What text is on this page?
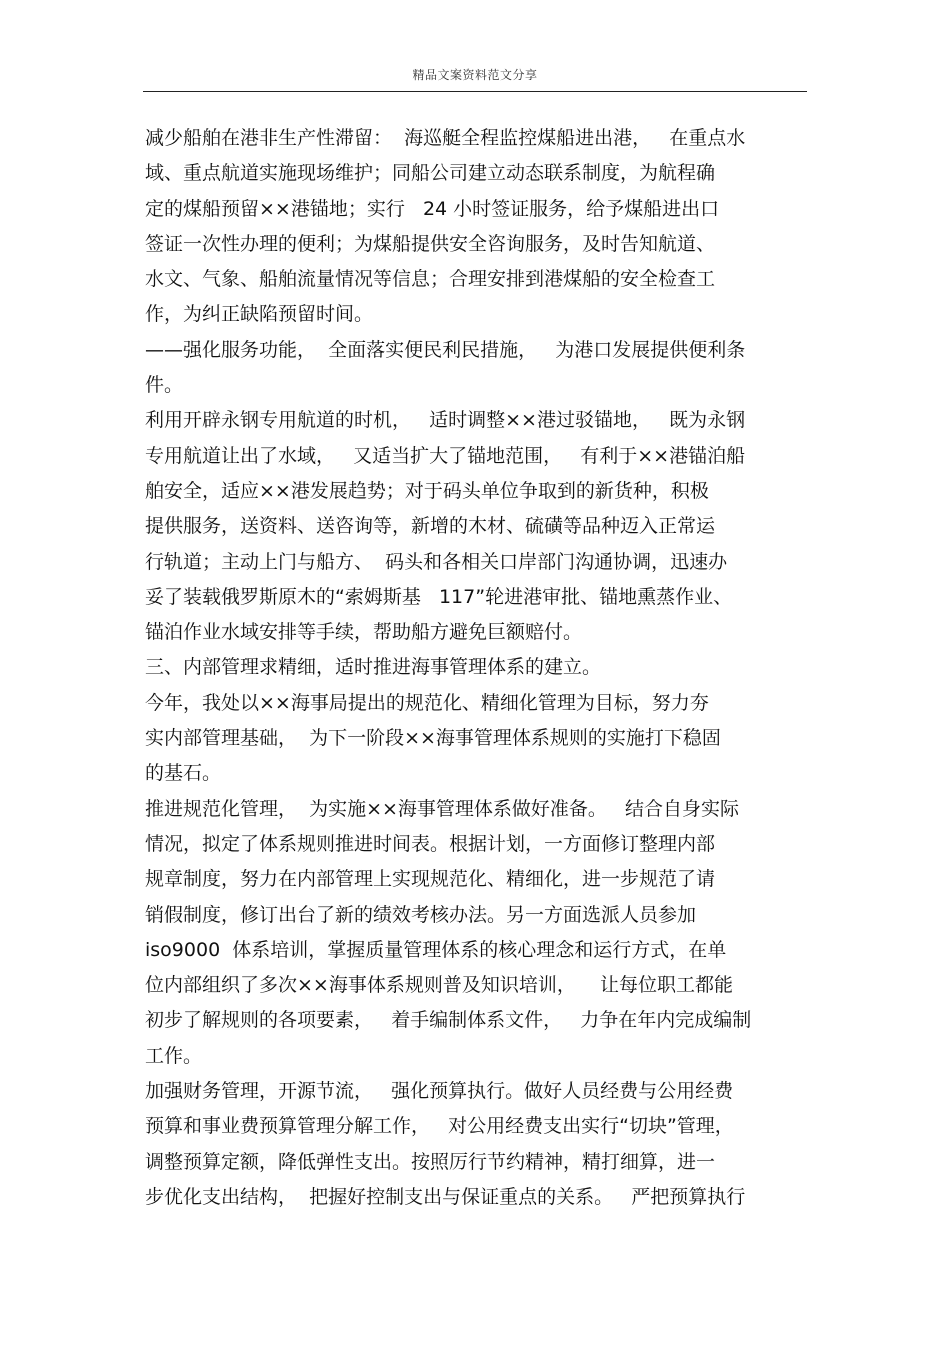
精品文案资料范文分享
减少船舶在港非生产性滞留：  海巡艇全程监控煤船进出港，   在重点水
域、重点航道实施现场维护；同船公司建立动态联系制度，为航程确
定的煤船预留××港锚地；实行   24 小时签证服务，给予煤船进出口
签证一次性办理的便利；为煤船提供安全咨询服务，及时告知航道、
水文、气象、船舶流量情况等信息；合理安排到港煤船的安全检查工
作，为纠正缺陷预留时间。
——强化服务功能，  全面落实便民利民措施，   为港口发展提供便利条
件。
利用开辟永钢专用航道的时机，   适时调整××港过驳锚地，   既为永钢
专用航道让出了水域，   又适当扩大了锚地范围，   有利于××港锚泊船
舶安全，适应××港发展趋势；对于码头单位争取到的新货种，积极
提供服务，送资料、送咨询等，新增的木材、硫磺等品种迈入正常运
行轨道；主动上门与船方、  码头和各相关口岸部门沟通协调，迅速办
妥了装载俄罗斯原木的“索姆斯基   117”轮进港审批、锚地熏蒸作业、
锚泊作业水域安排等手续，帮助船方避免巨额赔付。
三、内部管理求精细，适时推进海事管理体系的建立。
今年，我处以××海事局提出的规范化、精细化管理为目标，努力夯
实内部管理基础，  为下一阶段××海事管理体系规则的实施打下稳固
的基石。
推进规范化管理，  为实施××海事管理体系做好准备。   结合自身实际
情况，拟定了体系规则推进时间表。根据计划，一方面修订整理内部
规章制度，努力在内部管理上实现规范化、精细化，进一步规范了请
销假制度，修订出台了新的绩效考核办法。另一方面选派人员参加
iso9000  体系培训，掌握质量管理体系的核心理念和运行方式，在单
位内部组织了多次××海事体系规则普及知识培训，    让每位职工都能
初步了解规则的各项要素，   着手编制体系文件，   力争在年内完成编制
工作。
加强财务管理，开源节流，   强化预算执行。做好人员经费与公用经费
预算和事业费预算管理分解工作，   对公用经费支出实行“切块”管理，
调整预算定额，降低弹性支出。按照厉行节约精神，精打细算，进一
步优化支出结构，  把握好控制支出与保证重点的关系。   严把预算执行
